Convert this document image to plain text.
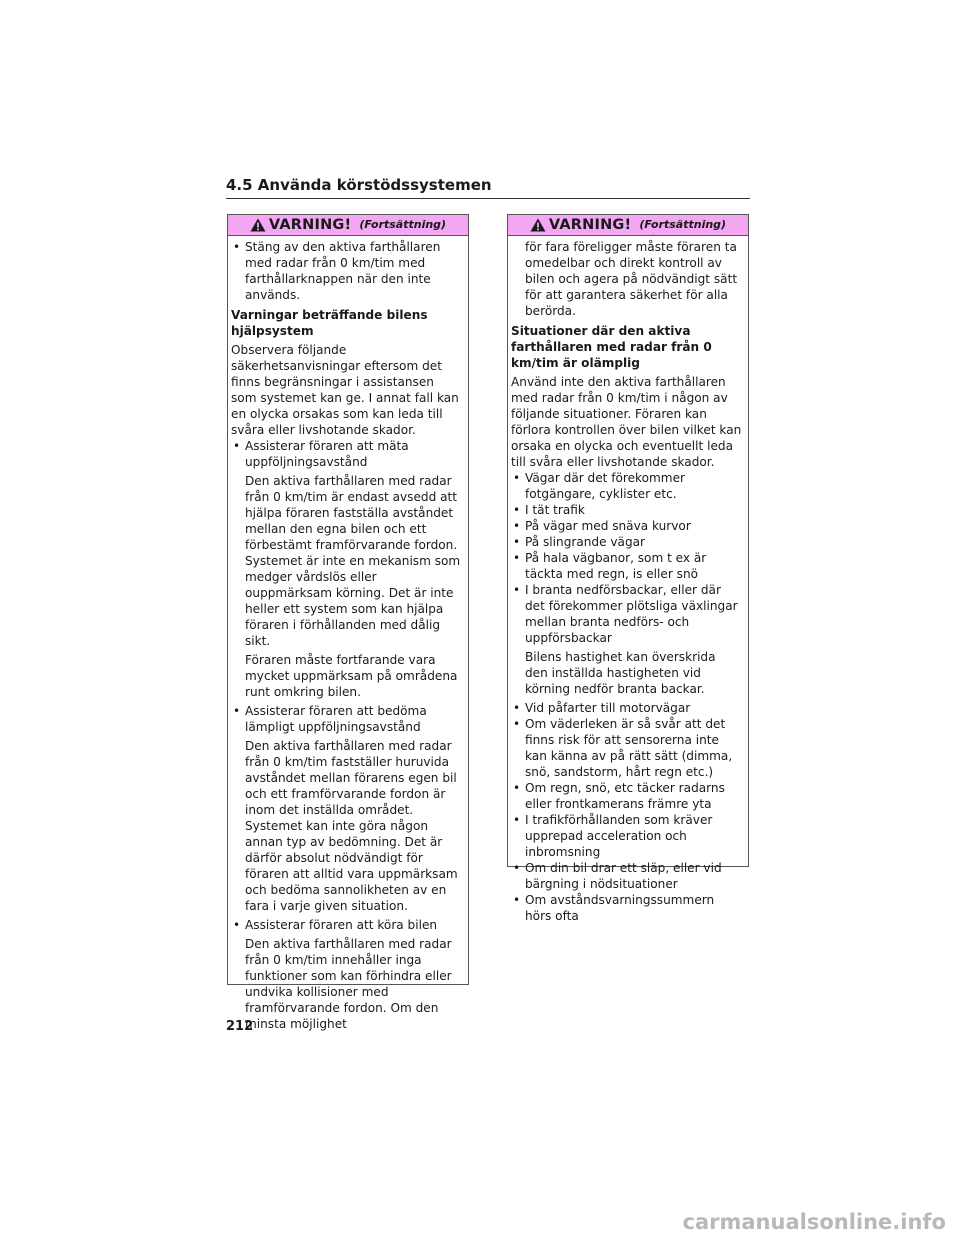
4.5 Använda körstödssystemen
VARNING! (Fortsättning)

• Stäng av den aktiva farthållaren med radar från 0 km/tim med farthållarknappen när den inte används.

Varningar beträffande bilens hjälpsystem

Observera följande säkerhetsanvisningar eftersom det finns begränsningar i assistansen som systemet kan ge. I annat fall kan en olycka orsakas som kan leda till svåra eller livshotande skador.

• Assisterar föraren att mäta uppföljningsavstånd

Den aktiva farthållaren med radar från 0 km/tim är endast avsedd att hjälpa föraren fastställa avståndet mellan den egna bilen och ett förbestämt framförvarande fordon. Systemet är inte en mekanism som medger vårdslös eller ouppmärksam körning. Det är inte heller ett system som kan hjälpa föraren i förhållanden med dålig sikt.

Föraren måste fortfarande vara mycket uppmärksam på områdena runt omkring bilen.

• Assisterar föraren att bedöma lämpligt uppföljningsavstånd

Den aktiva farthållaren med radar från 0 km/tim fastställer huruvida avståndet mellan förarens egen bil och ett framförvarande fordon är inom det inställda området. Systemet kan inte göra någon annan typ av bedömning. Det är därför absolut nödvändigt för föraren att alltid vara uppmärksam och bedöma sannolikheten av en fara i varje given situation.

• Assisterar föraren att köra bilen

Den aktiva farthållaren med radar från 0 km/tim innehåller inga funktioner som kan förhindra eller undvika kollisioner med framförvarande fordon. Om den minsta möjlighet

VARNING! (Fortsättning)

för fara föreligger måste föraren ta omedelbar och direkt kontroll av bilen och agera på nödvändigt sätt för att garantera säkerhet för alla berörda.

Situationer där den aktiva farthållaren med radar från 0 km/tim är olämplig

Använd inte den aktiva farthållaren med radar från 0 km/tim i någon av följande situationer. Föraren kan förlora kontrollen över bilen vilket kan orsaka en olycka och eventuellt leda till svåra eller livshotande skador.

• Vägar där det förekommer fotgängare, cyklister etc.

• I tät trafik

• På vägar med snäva kurvor

• På slingrande vägar

• På hala vägbanor, som t ex är täckta med regn, is eller snö

• I branta nedförsbackar, eller där det förekommer plötsliga växlingar mellan branta nedförs- och uppförsbackar

Bilens hastighet kan överskrida den inställda hastigheten vid körning nedför branta backar.

• Vid påfarter till motorvägar

• Om väderleken är så svår att det finns risk för att sensorerna inte kan känna av på rätt sätt (dimma, snö, sandstorm, hårt regn etc.)

• Om regn, snö, etc täcker radarns eller frontkamerans främre yta

• I trafikförhållanden som kräver upprepad acceleration och inbromsning

• Om din bil drar ett släp, eller vid bärgning i nödsituationer

• Om avståndsvarningssummern hörs ofta

212
carmanualsonline.info
